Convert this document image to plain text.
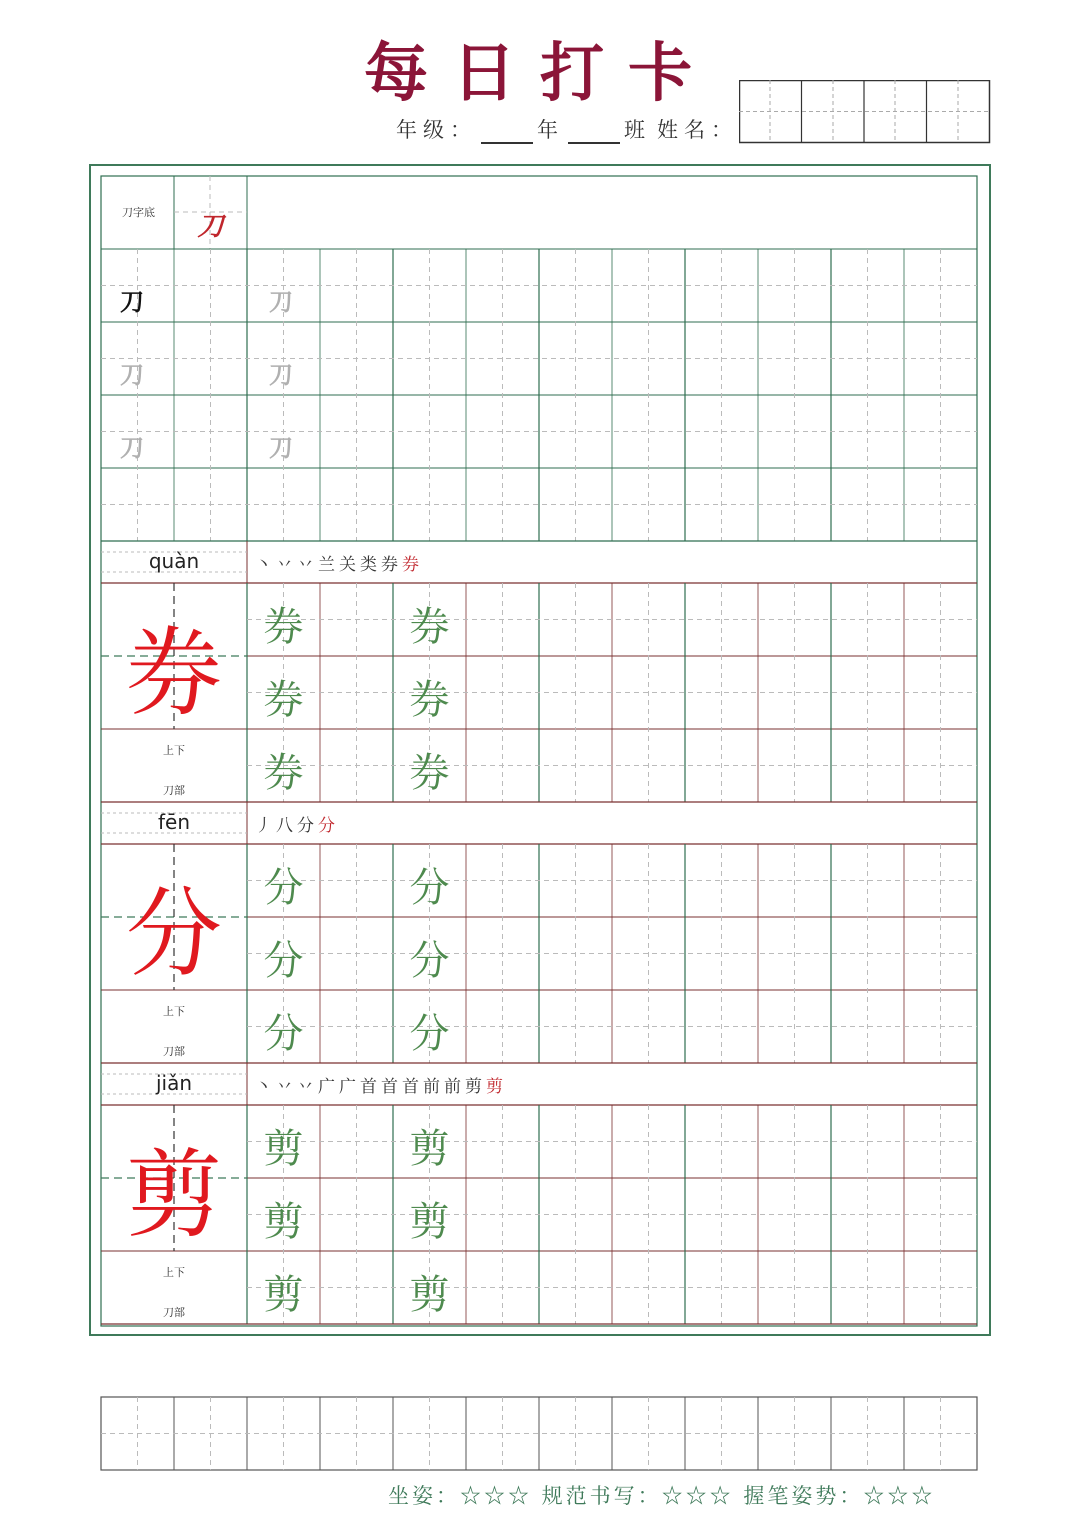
每日打卡
年级：	年	班 姓名：
刀字底	刀
刀	刀
刀	刀
刀	刀
quàn	丶丷丷兰关类券券
券
上下
刀部
券	券
券	券
券	券
fēn	丿八分分
分
上下
刀部
分	分
分	分
分	分
jiǎn	丶丷丷广广首首首前前剪剪
剪
上下
刀部
剪	剪
剪	剪
剪	剪
坐姿：☆☆☆ 规范书写：☆☆☆ 握笔姿势：☆☆☆
